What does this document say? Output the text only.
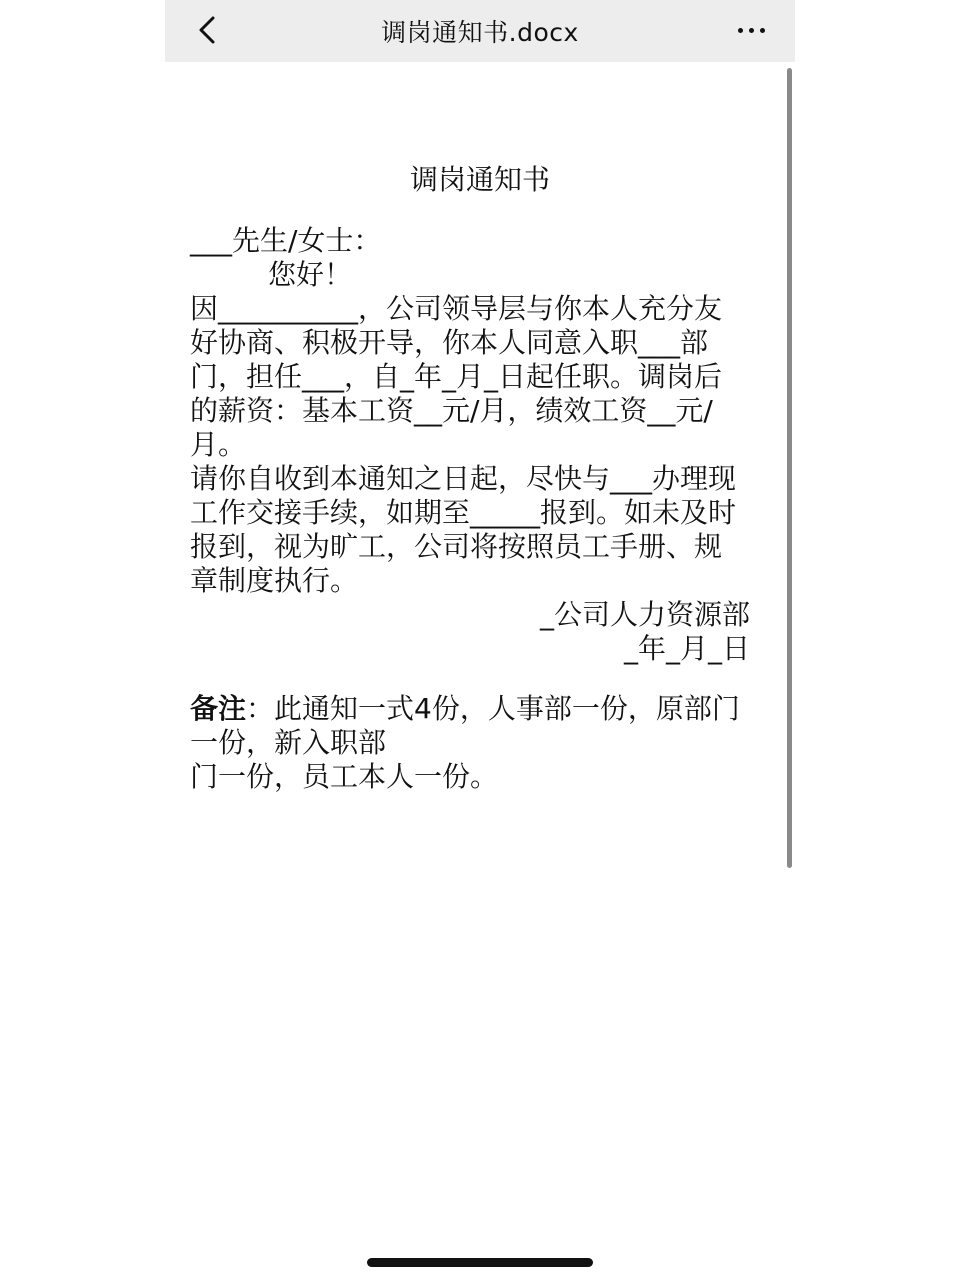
调岗通知书.docx
调岗通知书

___先生/女士：

您好！

因__________，公司领导层与你本人充分友

好协商、积极开导，你本人同意入职___部

门，担任___，自_年_月_日起任职。调岗后

的薪资：基本工资__元/月，绩效工资__元/

月。

请你自收到本通知之日起，尽快与___办理现

工作交接手续，如期至_____报到。如未及时

报到，视为旷工，公司将按照员工手册、规

章制度执行。

_公司人力资源部

_年_月_日

备注：此通知一式4份，人事部一份，原部门

一份，新入职部

门一份，员工本人一份。
